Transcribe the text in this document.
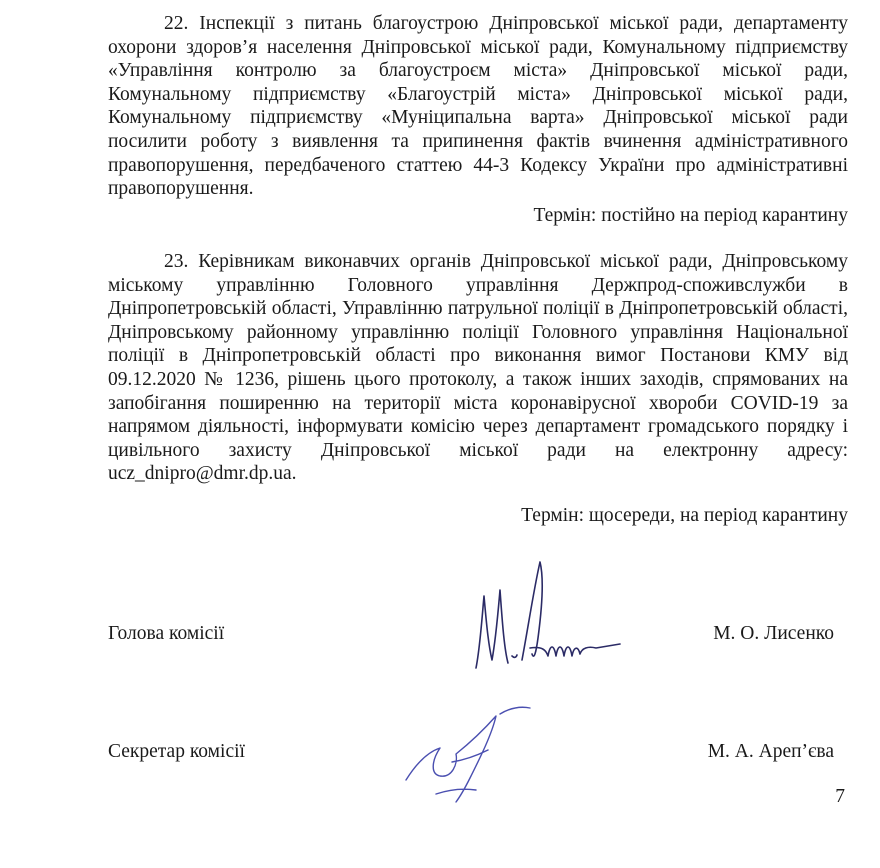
22. Інспекції з питань благоустрою Дніпровської міської ради, департаменту охорони здоров’я населення Дніпровської міської ради, Комунальному підприємству «Управління контролю за благоустроєм міста» Дніпровської міської ради, Комунальному підприємству «Благоустрій міста» Дніпровської міської ради, Комунальному підприємству «Муніципальна варта» Дніпровської міської ради посилити роботу з виявлення та припинення фактів вчинення адміністративного правопорушення, передбаченого статтею 44-3 Кодексу України про адміністративні правопорушення.

Термін: постійно на період карантину

23. Керівникам виконавчих органів Дніпровської міської ради, Дніпровському міському управлінню Головного управління Держпрод-споживслужби в Дніпропетровській області, Управлінню патрульної поліції в Дніпропетровській області, Дніпровському районному управлінню поліції Головного управління Національної поліції в Дніпропетровській області про виконання вимог Постанови КМУ від 09.12.2020 № 1236, рішень цього протоколу, а також інших заходів, спрямованих на запобігання поширенню на території міста коронавірусної хвороби COVID-19 за напрямом діяльності, інформувати комісію через департамент громадського порядку і цивільного захисту Дніпровської міської ради на електронну адресу: ucz_dnipro@dmr.dp.ua.

Термін: щосереди, на період карантину

Голова комісії	М. О. Лисенко
Секретар комісії	М. А. Ареп’єва
7
